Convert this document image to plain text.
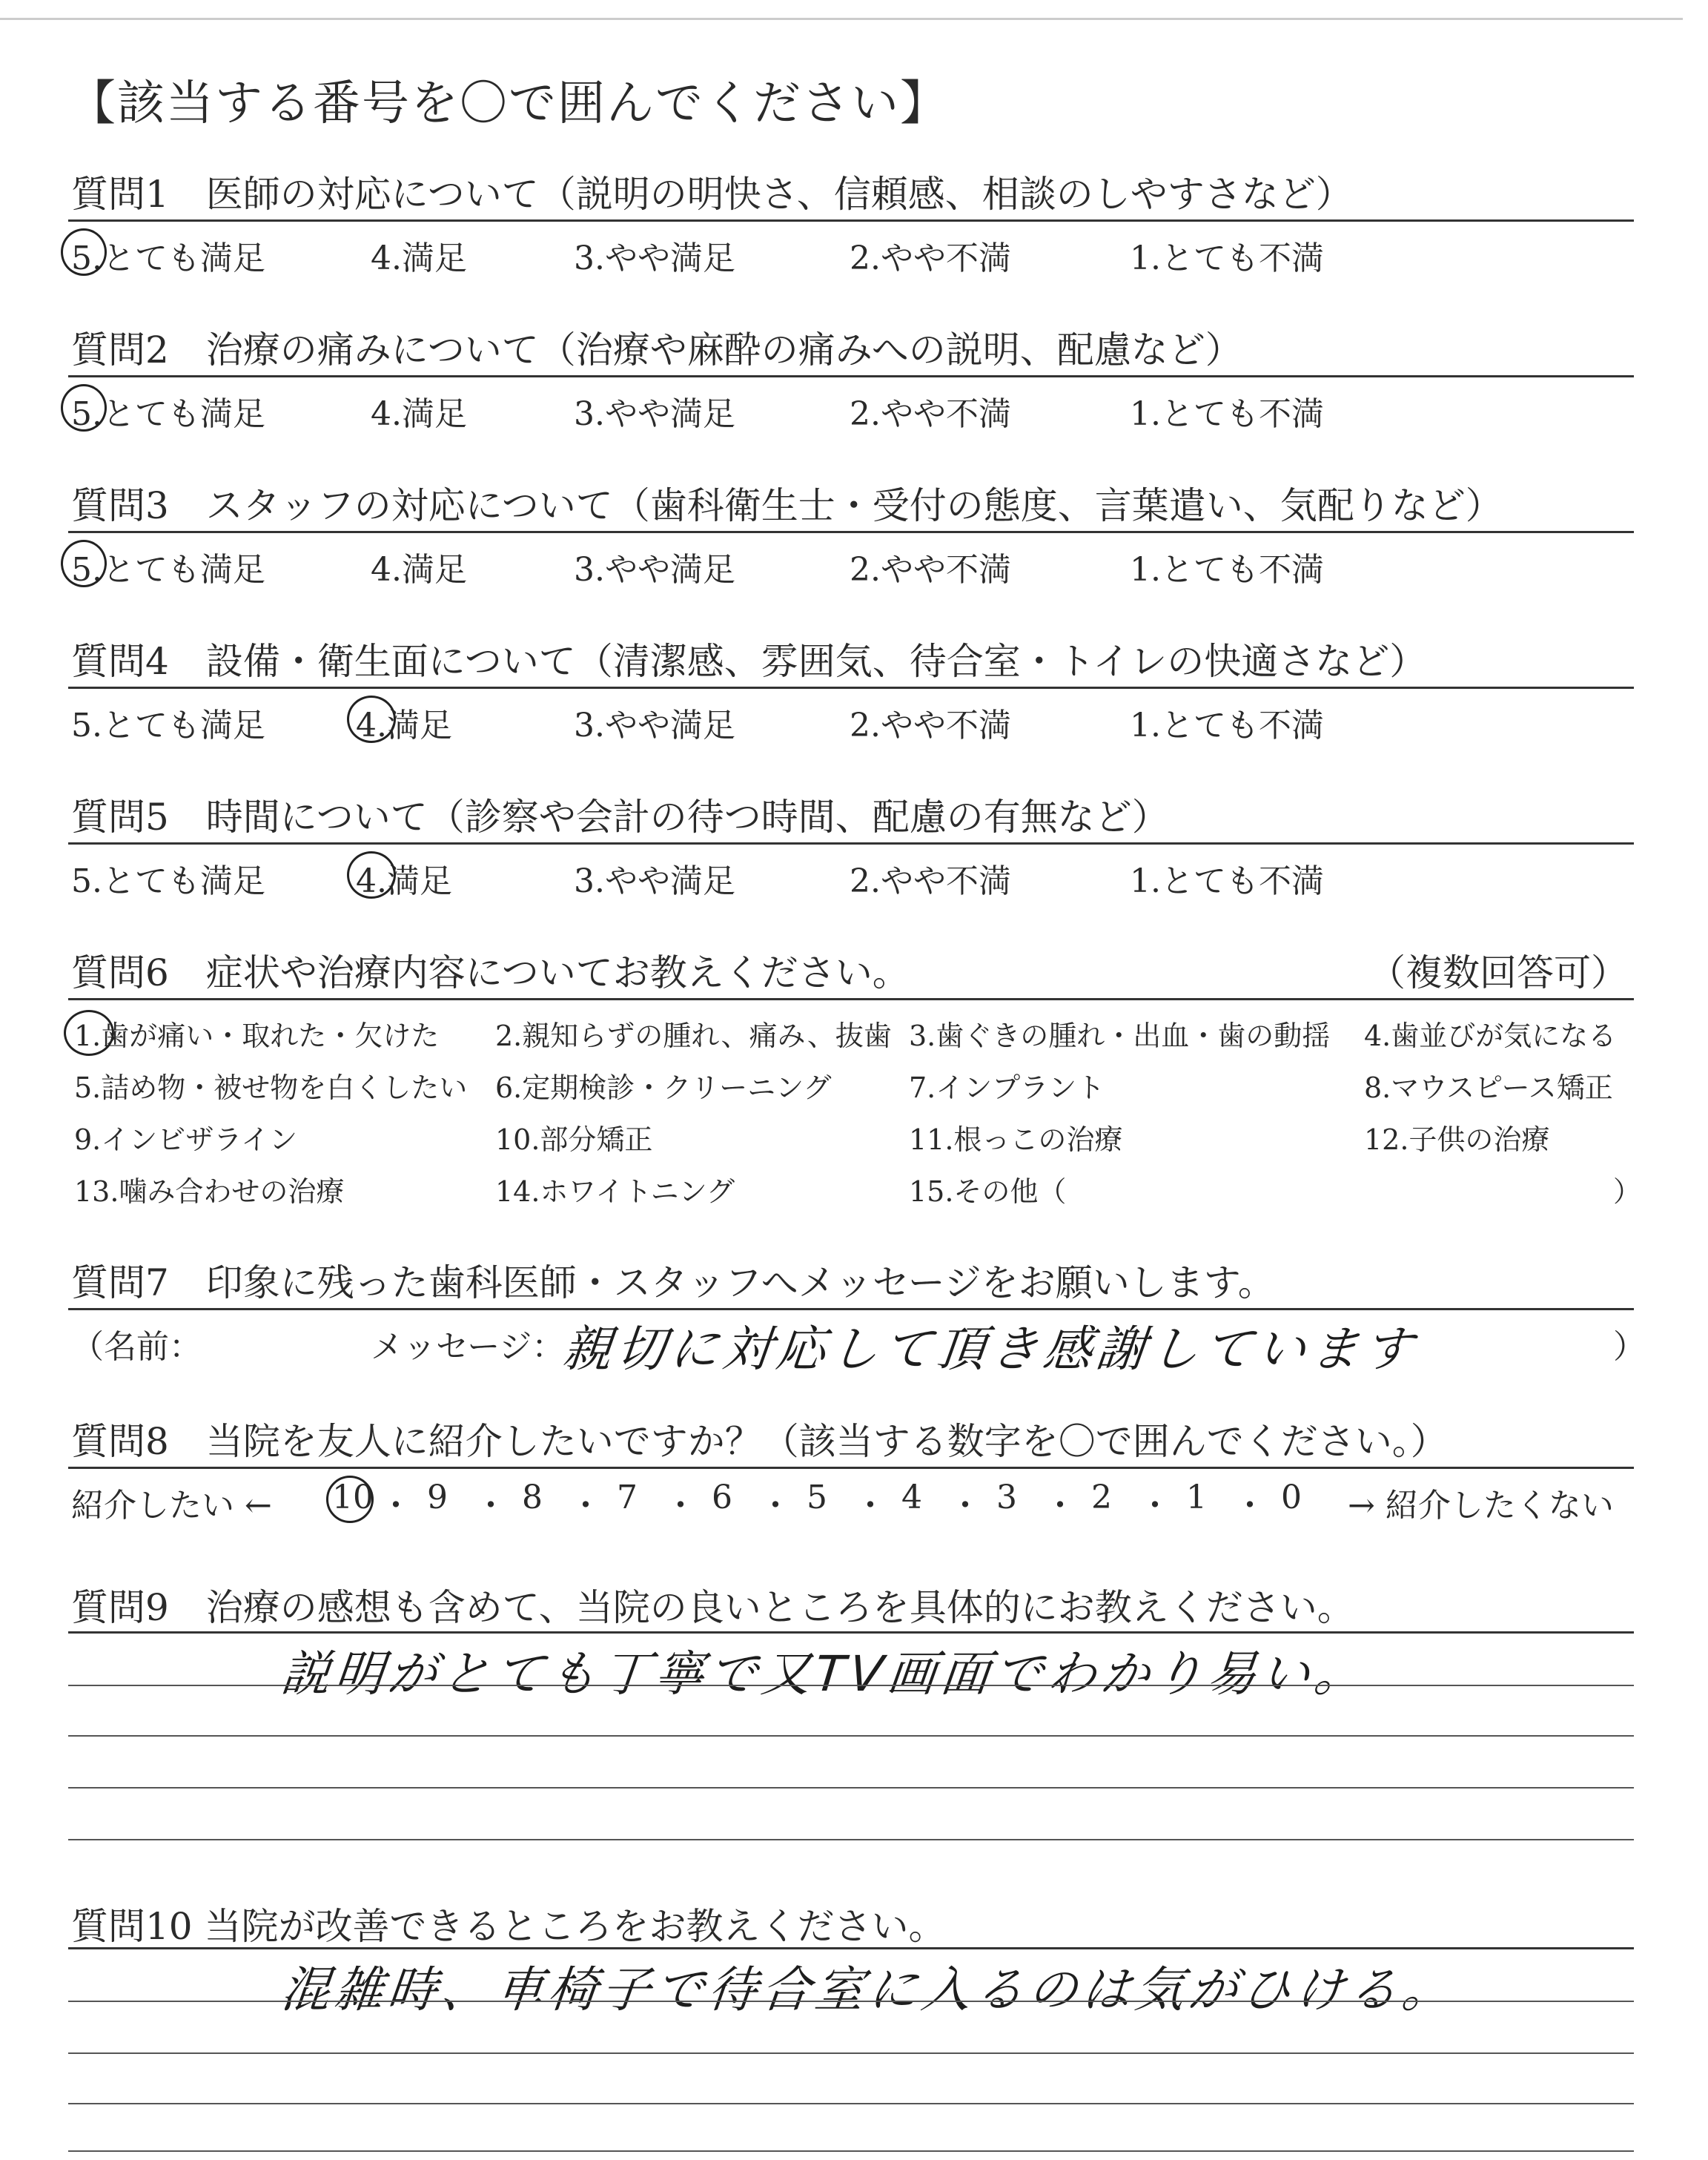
【該当する番号を〇で囲んでください】
質問1　医師の対応について（説明の明快さ、信頼感、相談のしやすさなど）
5.とても満足	4.満足	3.やや満足	2.やや不満	1.とても不満
質問2　治療の痛みについて（治療や麻酔の痛みへの説明、配慮など）
5.とても満足	4.満足	3.やや満足	2.やや不満	1.とても不満
質問3　スタッフの対応について（歯科衛生士・受付の態度、言葉遣い、気配りなど）
5.とても満足	4.満足	3.やや満足	2.やや不満	1.とても不満
質問4　設備・衛生面について（清潔感、雰囲気、待合室・トイレの快適さなど）
5.とても満足	4.満足	3.やや満足	2.やや不満	1.とても不満
質問5　時間について（診察や会計の待つ時間、配慮の有無など）
5.とても満足	4.満足	3.やや満足	2.やや不満	1.とても不満
質問6　症状や治療内容についてお教えください。	（複数回答可）
1.歯が痛い・取れた・欠けた 2.親知らずの腫れ、痛み、抜歯 3.歯ぐきの腫れ・出血・歯の動揺 4.歯並びが気になる
5.詰め物・被せ物を白くしたい 6.定期検診・クリーニング	7.インプラント	8.マウスピース矯正
9.インビザライン	10.部分矯正	11.根っこの治療	12.子供の治療
13.噛み合わせの治療	14.ホワイトニング	15.その他（	）
質問7　印象に残った歯科医師・スタッフへメッセージをお願いします。
（名前：	メッセージ：
親切に対応して頂き感謝しています	）
質問8　当院を友人に紹介したいですか？（該当する数字を〇で囲んでください。）
紹介したい ← 10 ・ 9 ・ 8 ・ 7 ・ 6 ・ 5 ・ 4 ・ 3 ・ 2 ・ 1 ・ 0 → 紹介したくない
質問9　治療の感想も含めて、当院の良いところを具体的にお教えください。
説明がとても丁寧で又TV画面でわかり易い。
質問10 当院が改善できるところをお教えください。
混雑時、車椅子で待合室に入るのは気がひける。
